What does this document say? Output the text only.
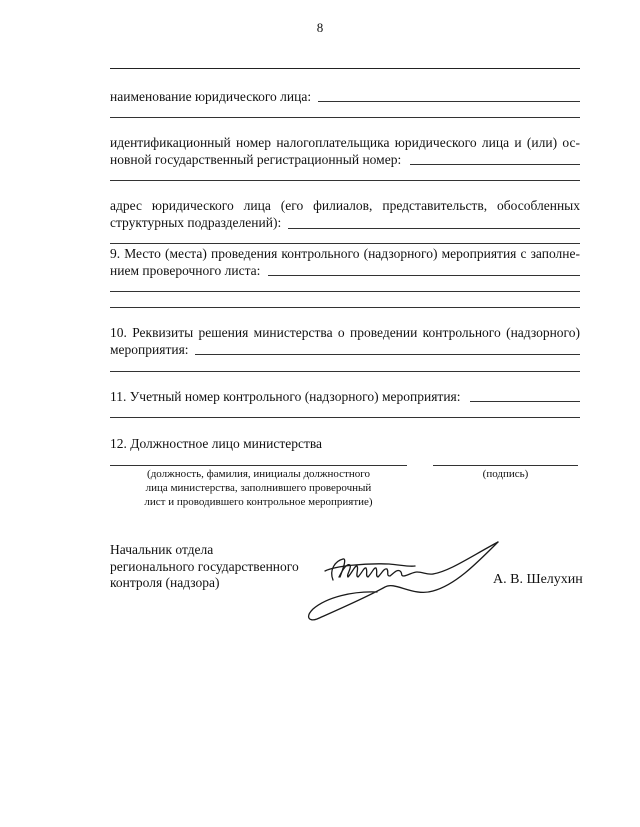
8
наименование юридического лица:
идентификационный номер налогоплательщика юридического лица и (или) ос-
новной государственный регистрационный номер:
адрес юридического лица (его филиалов, представительств, обособленных
структурных подразделений):
9. Место (места) проведения контрольного (надзорного) мероприятия с заполне-
нием проверочного листа:
10. Реквизиты решения министерства о проведении контрольного (надзорного)
мероприятия:
11. Учетный номер контрольного (надзорного) мероприятия:
12. Должностное лицо министерства
(должность, фамилия, инициалы должностного
лица министерства, заполнившего проверочный
лист и проводившего контрольное мероприятие)
(подпись)
Начальник отдела
регионального государственного
контроля (надзора)	А. В. Шелухин
